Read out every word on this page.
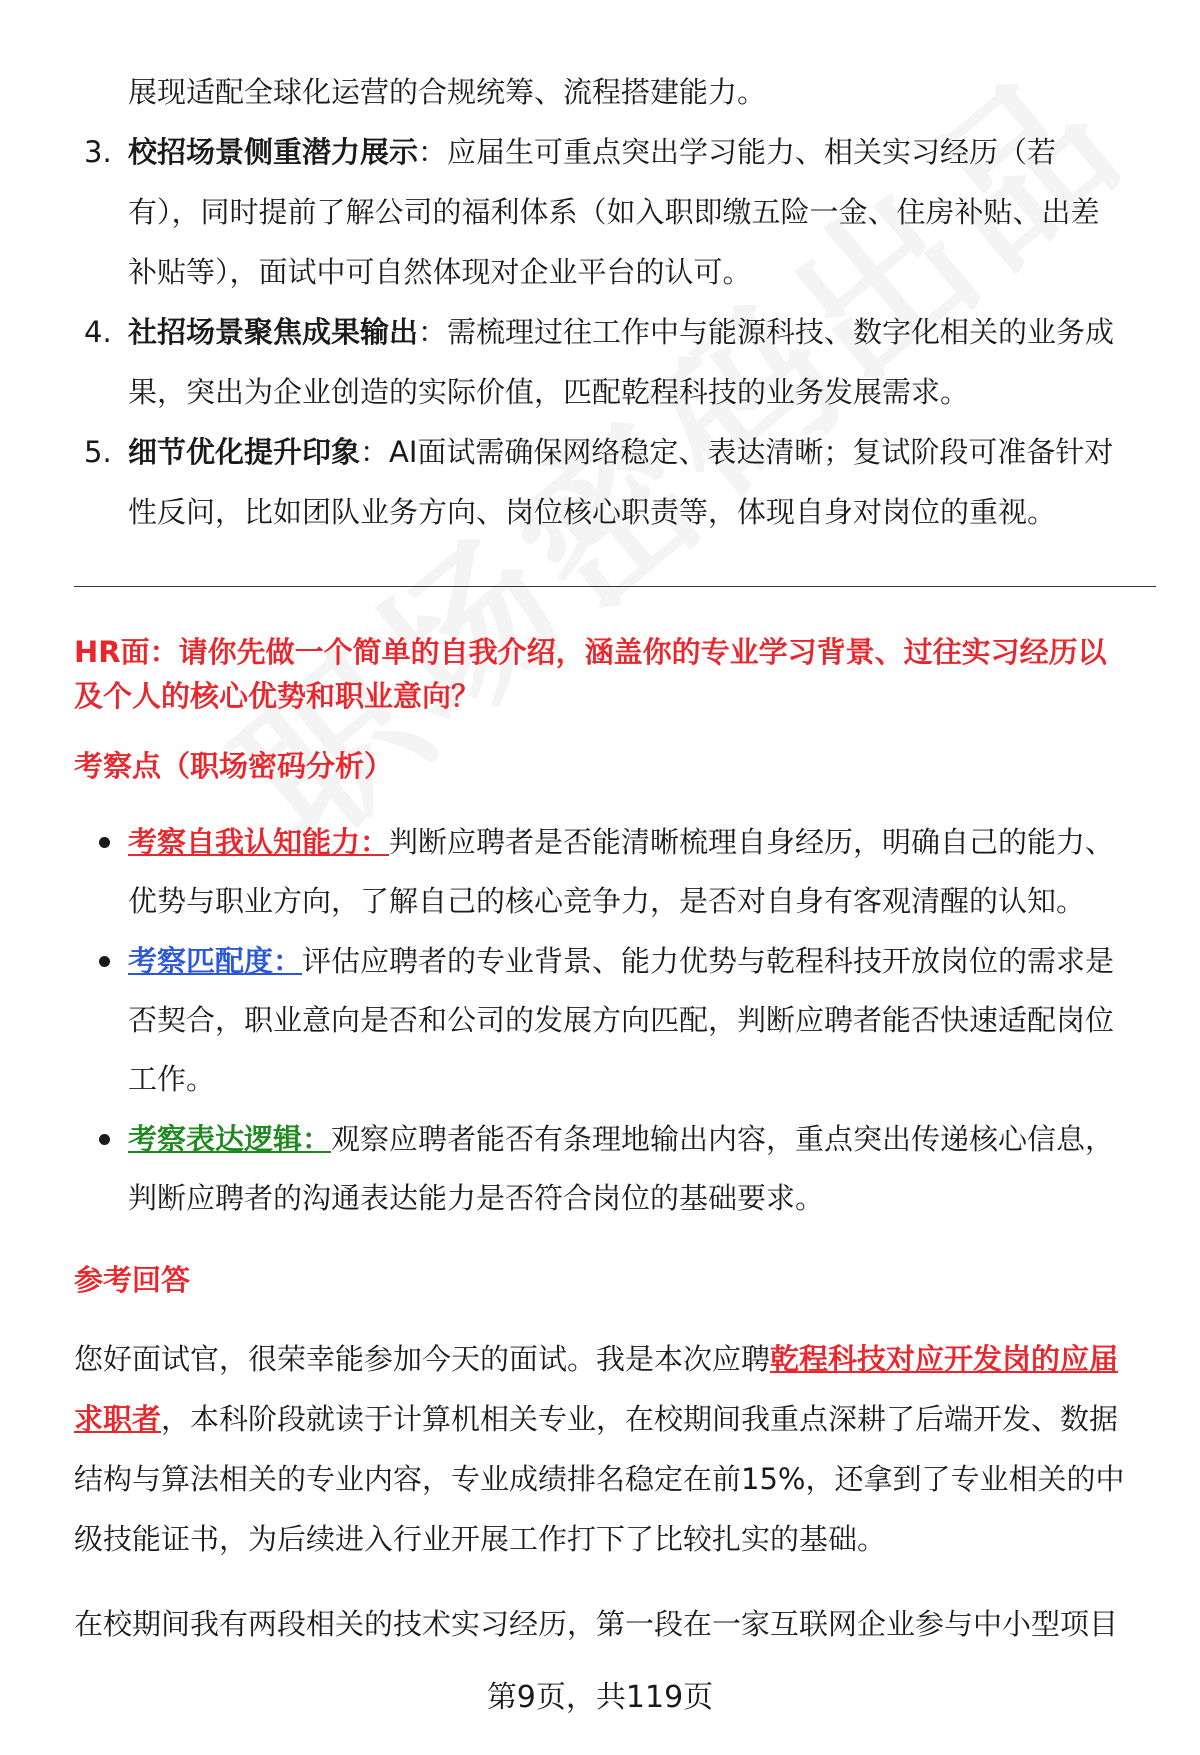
展现适配全球化运营的合规统筹、流程搭建能力。
3. 校招场景侧重潜力展示：应届生可重点突出学习能力、相关实习经历（若
有），同时提前了解公司的福利体系（如入职即缴五险一金、住房补贴、出差
补贴等），面试中可自然体现对企业平台的认可。
4. 社招场景聚焦成果输出：需梳理过往工作中与能源科技、数字化相关的业务成
果，突出为企业创造的实际价值，匹配乾程科技的业务发展需求。
5. 细节优化提升印象：AI面试需确保网络稳定、表达清晰；复试阶段可准备针对
性反问，比如团队业务方向、岗位核心职责等，体现自身对岗位的重视。
HR面：请你先做一个简单的自我介绍，涵盖你的专业学习背景、过往实习经历以
及个人的核心优势和职业意向？
考察点（职场密码分析）
考察自我认知能力：判断应聘者是否能清晰梳理自身经历，明确自己的能力、
优势与职业方向，了解自己的核心竞争力，是否对自身有客观清醒的认知。
考察匹配度：评估应聘者的专业背景、能力优势与乾程科技开放岗位的需求是
否契合，职业意向是否和公司的发展方向匹配，判断应聘者能否快速适配岗位
工作。
考察表达逻辑：观察应聘者能否有条理地输出内容，重点突出传递核心信息，
判断应聘者的沟通表达能力是否符合岗位的基础要求。
参考回答
您好面试官，很荣幸能参加今天的面试。我是本次应聘乾程科技对应开发岗的应届
求职者，本科阶段就读于计算机相关专业，在校期间我重点深耕了后端开发、数据
结构与算法相关的专业内容，专业成绩排名稳定在前15%，还拿到了专业相关的中
级技能证书，为后续进入行业开展工作打下了比较扎实的基础。
在校期间我有两段相关的技术实习经历，第一段在一家互联网企业参与中小型项目
第9页，共119页
